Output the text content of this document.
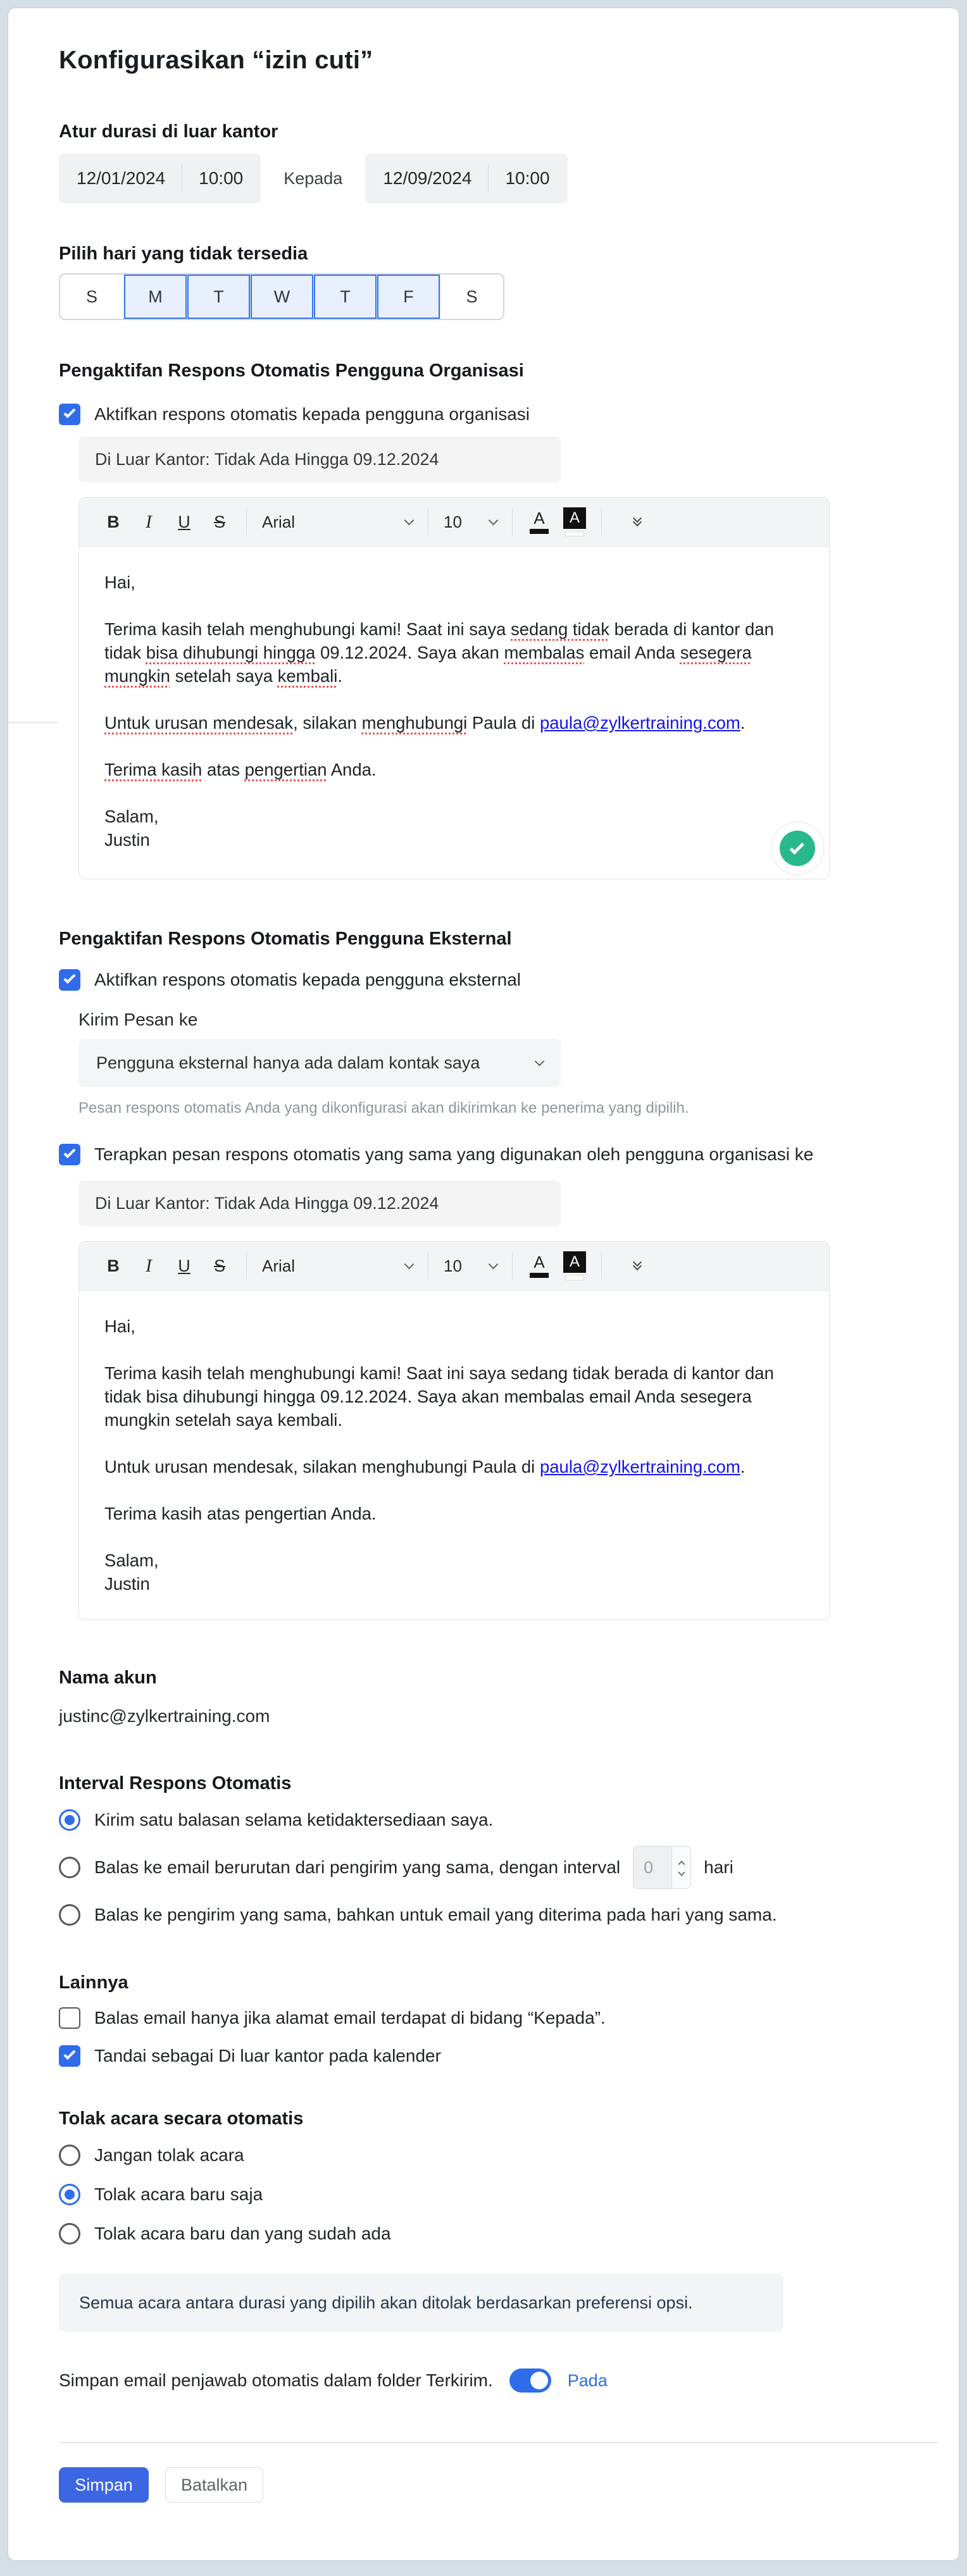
Konfigurasikan “izin cuti”
Atur durasi di luar kantor
12/01/2024	10:00 Kepada 12/09/2024	10:00
Pilih hari yang tidak tersedia
S	M	T	W	T	F	S
Pengaktifan Respons Otomatis Pengguna Organisasi
Aktifkan respons otomatis kepada pengguna organisasi
Di Luar Kantor: Tidak Ada Hingga 09.12.2024
B	I	U	S	Arial	10	A	A

Hai,

Terima kasih telah menghubungi kami! Saat ini saya sedang tidak berada di kantor dan tidak bisa dihubungi hingga 09.12.2024. Saya akan membalas email Anda sesegera mungkin setelah saya kembali.

Untuk urusan mendesak, silakan menghubungi Paula di paula@zylkertraining.com.

Terima kasih atas pengertian Anda.

Salam,
Justin

Pengaktifan Respons Otomatis Pengguna Eksternal
Aktifkan respons otomatis kepada pengguna eksternal
Kirim Pesan ke
Pengguna eksternal hanya ada dalam kontak saya
Pesan respons otomatis Anda yang dikonfigurasi akan dikirimkan ke penerima yang dipilih.
Terapkan pesan respons otomatis yang sama yang digunakan oleh pengguna organisasi ke
Di Luar Kantor: Tidak Ada Hingga 09.12.2024
B	I	U	S	Arial	10	A	A

Hai,

Terima kasih telah menghubungi kami! Saat ini saya sedang tidak berada di kantor dan tidak bisa dihubungi hingga 09.12.2024. Saya akan membalas email Anda sesegera mungkin setelah saya kembali.

Untuk urusan mendesak, silakan menghubungi Paula di paula@zylkertraining.com.

Terima kasih atas pengertian Anda.

Salam,
Justin

Nama akun
justinc@zylkertraining.com
Interval Respons Otomatis
Kirim satu balasan selama ketidaktersediaan saya.
Balas ke email berurutan dari pengirim yang sama, dengan interval	0	hari
Balas ke pengirim yang sama, bahkan untuk email yang diterima pada hari yang sama.
Lainnya
Balas email hanya jika alamat email terdapat di bidang “Kepada”.
Tandai sebagai Di luar kantor pada kalender
Tolak acara secara otomatis
Jangan tolak acara
Tolak acara baru saja
Tolak acara baru dan yang sudah ada
Semua acara antara durasi yang dipilih akan ditolak berdasarkan preferensi opsi.
Simpan email penjawab otomatis dalam folder Terkirim.	Pada
Simpan	Batalkan
